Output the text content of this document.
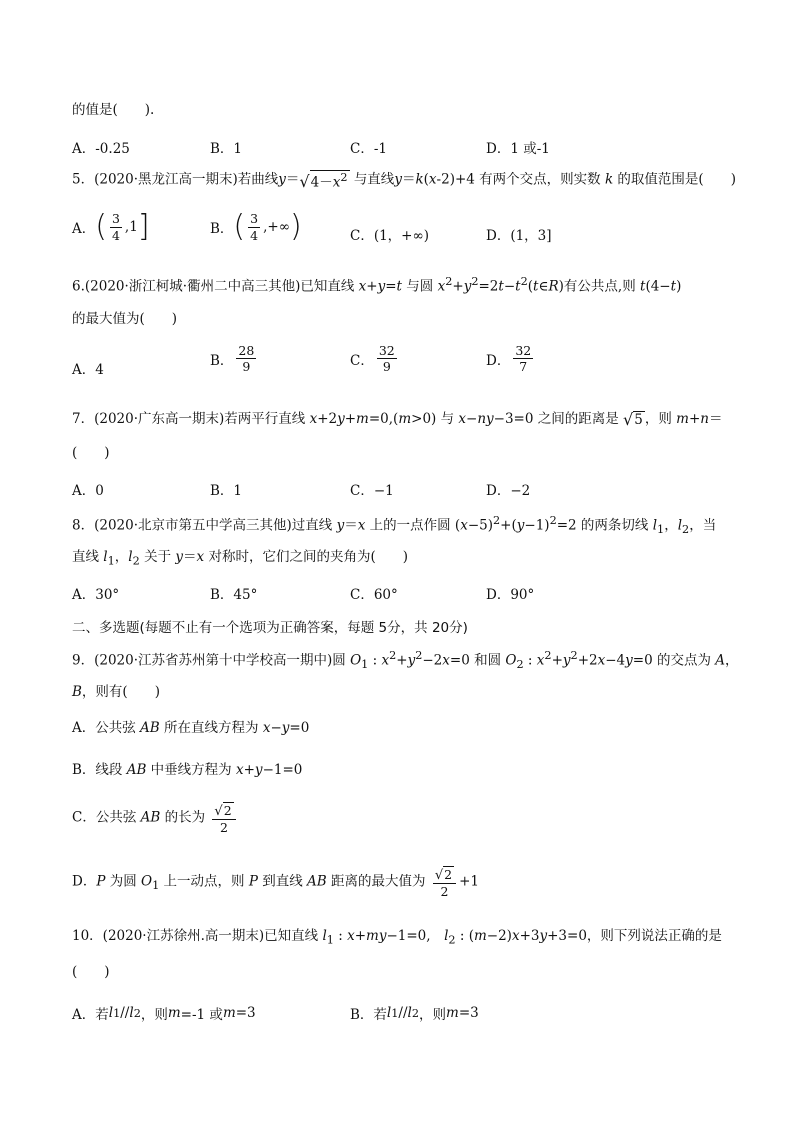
的值是(　　).
A．-0.25	B．1	C．-1	D．1 或-1
5．(2020·黑龙江高一期末)若曲线y＝ √ $4-x^2$ 与直线y＝k(x-2)+4 有两个交点，则实数 k 的取值范围是(　　)
A． ( $\frac{3}{4} ,1$ ]	B． ( $\frac{3}{4}$ ,+∞ )	C．(1，+∞)	D．(1，3]
6.(2020·浙江柯城·衢州二中高三其他)已知直线 x+y=t 与圆 $x^2+y^2=2t-t^2(t\in R)$有公共点,则 t(4−t)
的最大值为(　　)
A．4
B． $\frac{28}{9}$	C． $\frac{32}{9}$	D． $\frac{32}{7}$
7．(2020·广东高一期末)若两平行直线 x+2y+m=0,(m>0) 与 x−ny−3=0 之间的距离是 √ 5 ，则 m+n＝
(　　)
A．0	B．1	C．−1	D．−2
8．(2020·北京市第五中学高三其他)过直线 y＝x 上的一点作圆 $(x-5)^2+(y-1)^2=2$ 的两条切线 $l_1$，$l_2$，当
直线 $l_1$，$l_2$ 关于 y＝x 对称时，它们之间的夹角为(　　)
A．30°	B．45°	C．60°	D．90°
二、多选题(每题不止有一个选项为正确答案，每题 5分，共 20分)
9．(2020·江苏省苏州第十中学校高一期中)圆 $O_1$ : $x^2+y^2-2x=0$ 和圆 $O_2$ : $x^2+y^2+2x-4y=0$ 的交点为 A，
B，则有(　　)
A．公共弦 AB 所在直线方程为 x−y=0
B．线段 AB 中垂线方程为 x+y−1=0
C．公共弦 AB 的长为 $\frac{√ 2}{2}$
D．P 为圆 $O_1$ 上一动点，则 P 到直线 AB 距离的最大值为 $\frac{√ 2}{2} +1$
10．(2020·江苏徐州.高一期末)已知直线 $l_1$ : x+my−1=0,　$l_2$ : (m−2)x+3y+3=0，则下列说法正确的是
(　　)
A．若 l 1 // l 2 ，则 m =-1 或 m =3	B．若 l 1 // l 2 ，则 m =3
